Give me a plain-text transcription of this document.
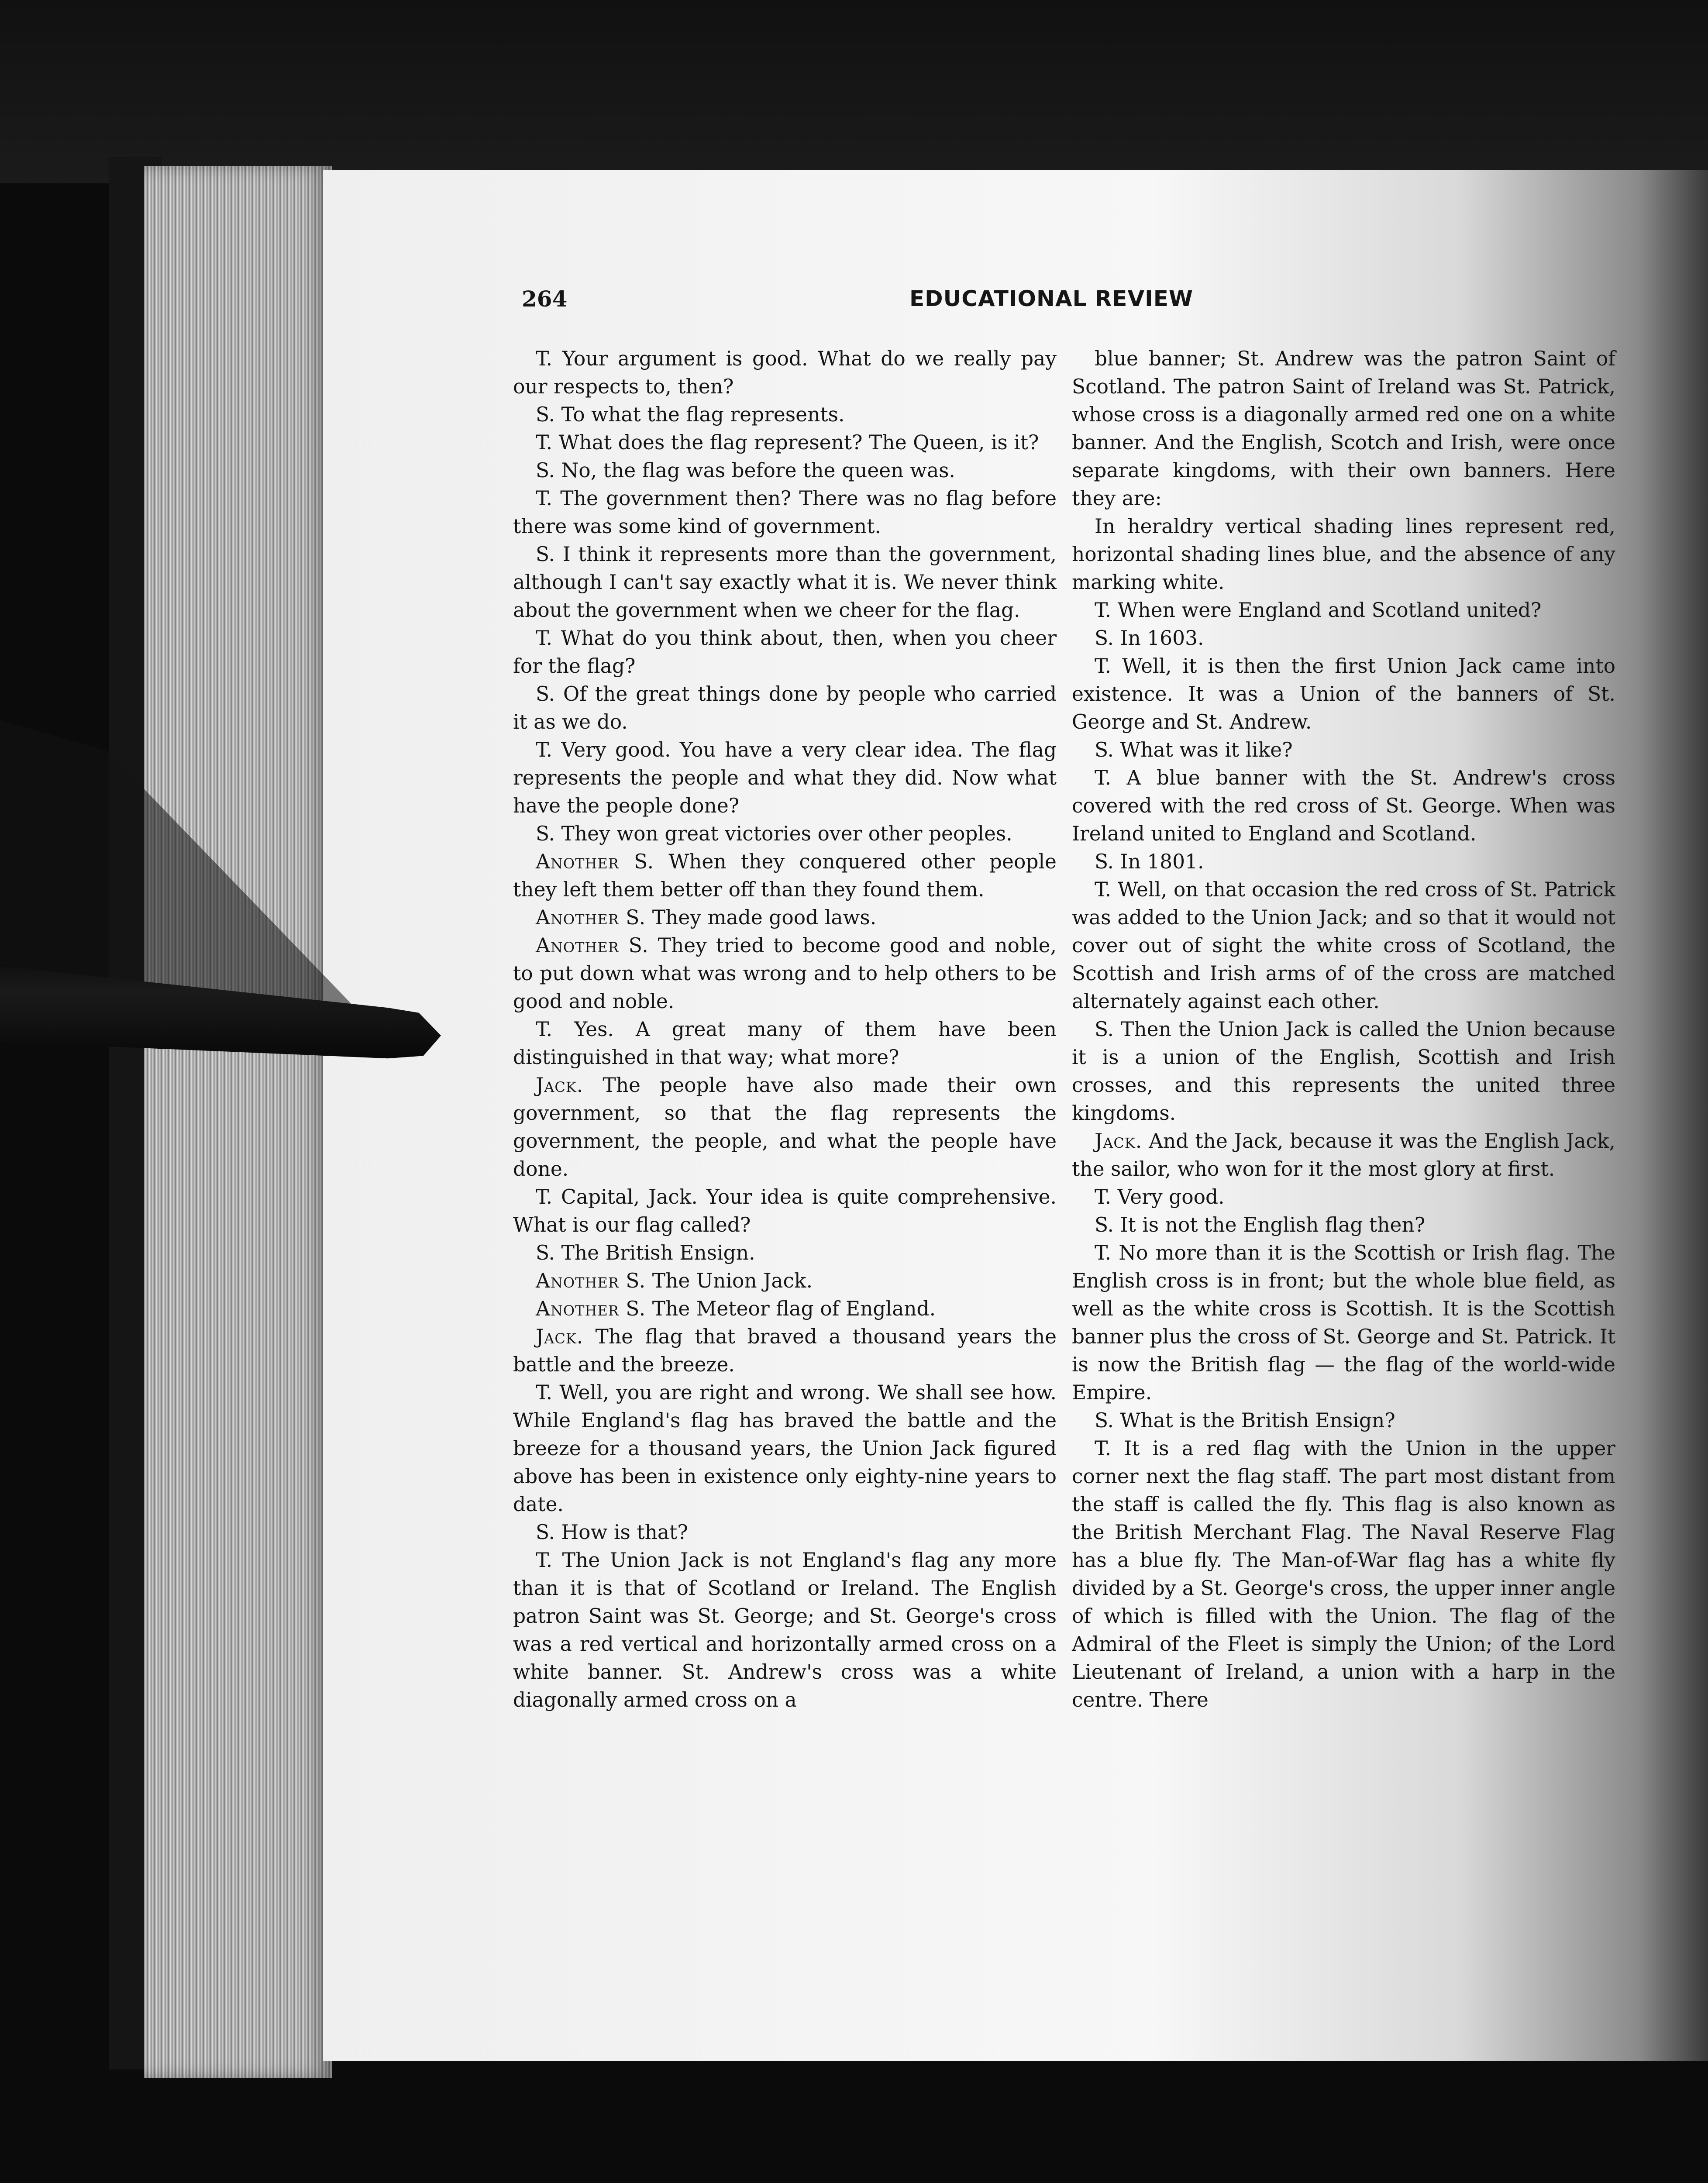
264	EDUCATIONAL REVIEW

T. Your argument is good. What do we really pay our respects to, then?

S. To what the flag represents.

T. What does the flag represent? The Queen, is it?

S. No, the flag was before the queen was.

T. The government then? There was no flag before there was some kind of government.

S. I think it represents more than the government, although I can't say exactly what it is. We never think about the government when we cheer for the flag.

T. What do you think about, then, when you cheer for the flag?

S. Of the great things done by people who carried it as we do.

T. Very good. You have a very clear idea. The flag represents the people and what they did. Now what have the people done?

S. They won great victories over other peoples.

Another S. When they conquered other people they left them better off than they found them.

Another S. They made good laws.

Another S. They tried to become good and noble, to put down what was wrong and to help others to be good and noble.

T. Yes. A great many of them have been distinguished in that way; what more?

Jack. The people have also made their own government, so that the flag represents the government, the people, and what the people have done.

T. Capital, Jack. Your idea is quite comprehensive. What is our flag called?

S. The British Ensign.

Another S. The Union Jack.

Another S. The Meteor flag of England.

Jack. The flag that braved a thousand years the battle and the breeze.

T. Well, you are right and wrong. We shall see how. While England's flag has braved the battle and the breeze for a thousand years, the Union Jack figured above has been in existence only eighty-nine years to date.

S. How is that?

T. The Union Jack is not England's flag any more than it is that of Scotland or Ireland. The English patron Saint was St. George; and St. George's cross was a red vertical and horizontally armed cross on a white banner. St. Andrew's cross was a white diagonally armed cross on a

blue banner; St. Andrew was the patron Saint of Scotland. The patron Saint of Ireland was St. Patrick, whose cross is a diagonally armed red one on a white banner. And the English, Scotch and Irish, were once separate kingdoms, with their own banners. Here they are:

In heraldry vertical shading lines represent red, horizontal shading lines blue, and the absence of any marking white.

T. When were England and Scotland united?

S. In 1603.

T. Well, it is then the first Union Jack came into existence. It was a Union of the banners of St. George and St. Andrew.

S. What was it like?

T. A blue banner with the St. Andrew's cross covered with the red cross of St. George. When was Ireland united to England and Scotland.

S. In 1801.

T. Well, on that occasion the red cross of St. Patrick was added to the Union Jack; and so that it would not cover out of sight the white cross of Scotland, the Scottish and Irish arms of of the cross are matched alternately against each other.

S. Then the Union Jack is called the Union because it is a union of the English, Scottish and Irish crosses, and this represents the united three kingdoms.

Jack. And the Jack, because it was the English Jack, the sailor, who won for it the most glory at first.

T. Very good.

S. It is not the English flag then?

T. No more than it is the Scottish or Irish flag. The English cross is in front; but the whole blue field, as well as the white cross is Scottish. It is the Scottish banner plus the cross of St. George and St. Patrick. It is now the British flag — the flag of the world-wide Empire.

S. What is the British Ensign?

T. It is a red flag with the Union in the upper corner next the flag staff. The part most distant from the staff is called the fly. This flag is also known as the British Merchant Flag. The Naval Reserve Flag has a blue fly. The Man-of-War flag has a white fly divided by a St. George's cross, the upper inner angle of which is filled with the Union. The flag of the Admiral of the Fleet is simply the Union; of the Lord Lieutenant of Ireland, a union with a harp in the centre. There
